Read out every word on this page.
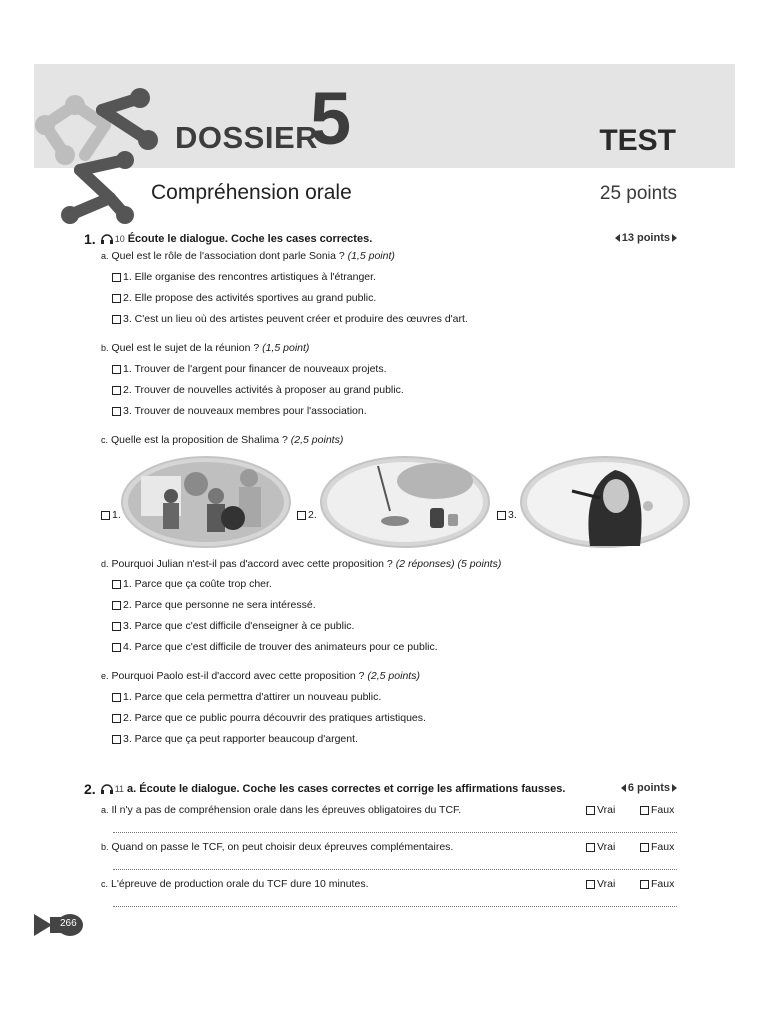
DOSSIER
5	TEST
Compréhension orale	25 points
1. 10 Écoute le dialogue. Coche les cases correctes.	13 points
a. Quel est le rôle de l'association dont parle Sonia ? (1,5 point)
1. Elle organise des rencontres artistiques à l'étranger.
2. Elle propose des activités sportives au grand public.
3. C'est un lieu où des artistes peuvent créer et produire des œuvres d'art.
b. Quel est le sujet de la réunion ? (1,5 point)
1. Trouver de l'argent pour financer de nouveaux projets.
2. Trouver de nouvelles activités à proposer au grand public.
3. Trouver de nouveaux membres pour l'association.
c. Quelle est la proposition de Shalima ? (2,5 points)
1.	2.	3.
d. Pourquoi Julian n'est-il pas d'accord avec cette proposition ? (2 réponses) (5 points)
1. Parce que ça coûte trop cher.
2. Parce que personne ne sera intéressé.
3. Parce que c'est difficile d'enseigner à ce public.
4. Parce que c'est difficile de trouver des animateurs pour ce public.
e. Pourquoi Paolo est-il d'accord avec cette proposition ? (2,5 points)
1. Parce que cela permettra d'attirer un nouveau public.
2. Parce que ce public pourra découvrir des pratiques artistiques.
3. Parce que ça peut rapporter beaucoup d'argent.
2. 11 a. Écoute le dialogue. Coche les cases correctes et corrige les affirmations fausses.	6 points
a. Il n'y a pas de compréhension orale dans les épreuves obligatoires du TCF.	Vrai	Faux
b. Quand on passe le TCF, on peut choisir deux épreuves complémentaires.	Vrai	Faux
c. L'épreuve de production orale du TCF dure 10 minutes.	Vrai	Faux
266
